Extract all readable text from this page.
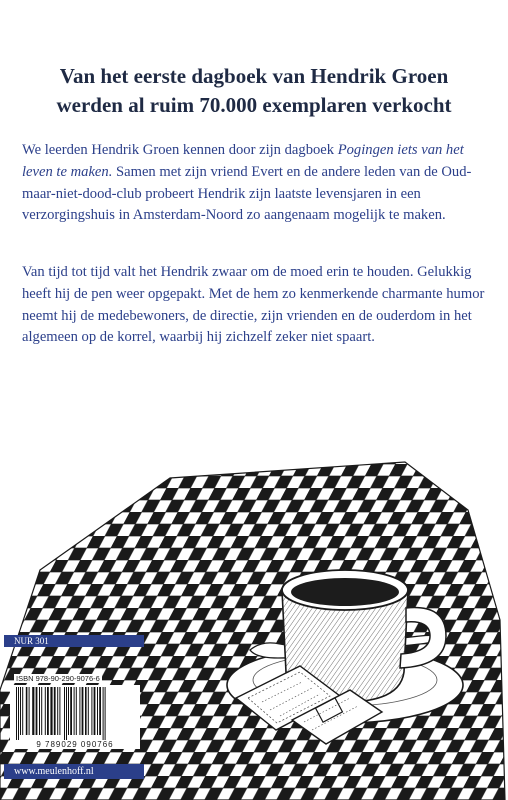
Van het eerste dagboek van Hendrik Groen
werden al ruim 70.000 exemplaren verkocht

We leerden Hendrik Groen kennen door zijn dagboek Pogingen iets van het leven te maken. Samen met zijn vriend Evert en de andere leden van de Oud-maar-niet-dood-club probeert Hendrik zijn laatste levensjaren in een verzorgingshuis in Amsterdam-Noord zo aangenaam mogelijk te maken.

Van tijd tot tijd valt het Hendrik zwaar om de moed erin te houden. Gelukkig heeft hij de pen weer opgepakt. Met de hem zo kenmerkende charmante humor neemt hij de medebewoners, de directie, zijn vrienden en de ouderdom in het algemeen op de korrel, waarbij hij zichzelf zeker niet spaart.

NUR 301
ISBN 978-90-290-9076-6
9 789029 090766
www.meulenhoff.nl
